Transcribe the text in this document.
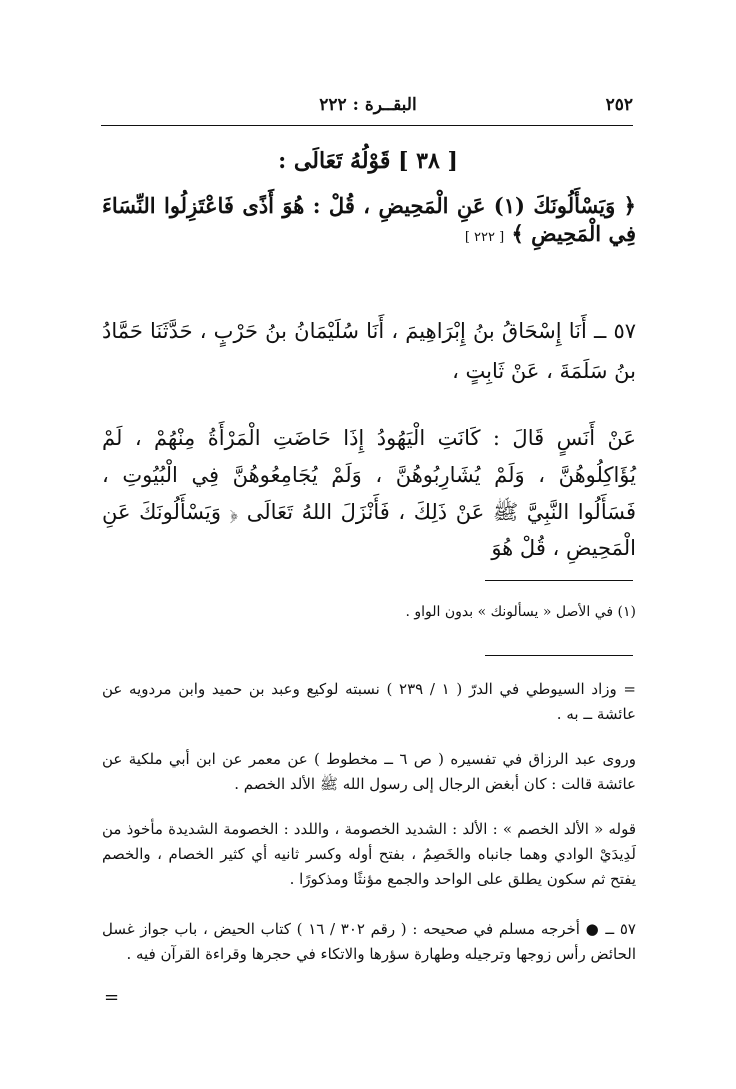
٢٥٢
البقــرة : ٢٢٢
[ ٣٨ ] قَوْلُهُ تَعَالَى :
﴿ وَيَسْأَلُونَكَ (١) عَنِ الْمَحِيضِ ، قُلْ : هُوَ أَذًى فَاعْتَزِلُوا النِّسَاءَ فِي الْمَحِيضِ ﴾ [ ٢٢٢ ]
٥٧ ــ أَنَا إِسْحَاقُ بنُ إِبْرَاهِيمَ ، أَنَا سُلَيْمَانُ بنُ حَرْبٍ ، حَدَّثَنَا حَمَّادُ بنُ سَلَمَةَ ، عَنْ ثَابِتٍ ،
عَنْ أَنَسٍ قَالَ : كَانَتِ الْيَهُودُ إِذَا حَاضَتِ الْمَرْأَةُ مِنْهُمْ ، لَمْ يُؤَاكِلُوهُنَّ ، وَلَمْ يُشَارِبُوهُنَّ ، وَلَمْ يُجَامِعُوهُنَّ فِي الْبُيُوتِ ، فَسَأَلُوا النَّبِيَّ ﷺ عَنْ ذَلِكَ ، فَأَنْزَلَ اللهُ تَعَالَى ﴿ وَيَسْأَلُونَكَ عَنِ الْمَحِيضِ ، قُلْ هُوَ
(١) في الأصل « يسألونك » بدون الواو .
= وزاد السيوطي في الدرّ ( ١ / ٢٣٩ ) نسبته لوكيع وعبد بن حميد وابن مردويه عن عائشة ــ به .
وروى عبد الرزاق في تفسيره ( ص ٦ ــ مخطوط ) عن معمر عن ابن أبي ملكية عن عائشة قالت : كان أبغض الرجال إلى رسول الله ﷺ الألد الخصم .
قوله « الألد الخصم » : الألد : الشديد الخصومة ، واللدد : الخصومة الشديدة مأخوذ من لَدِيدَيْ الوادي وهما جانباه والخَصِمُ ، بفتح أوله وكسر ثانيه أي كثير الخصام ، والخصم يفتح ثم سكون يطلق على الواحد والجمع مؤنثًا ومذكورًا .
٥٧ ــ ● أخرجه مسلم في صحيحه : ( رقم ٣٠٢ / ١٦ ) كتاب الحيض ، باب جواز غسل الحائض رأس زوجها وترجيله وطهارة سؤرها والاتكاء في حجرها وقراءة القرآن فيه .
=
